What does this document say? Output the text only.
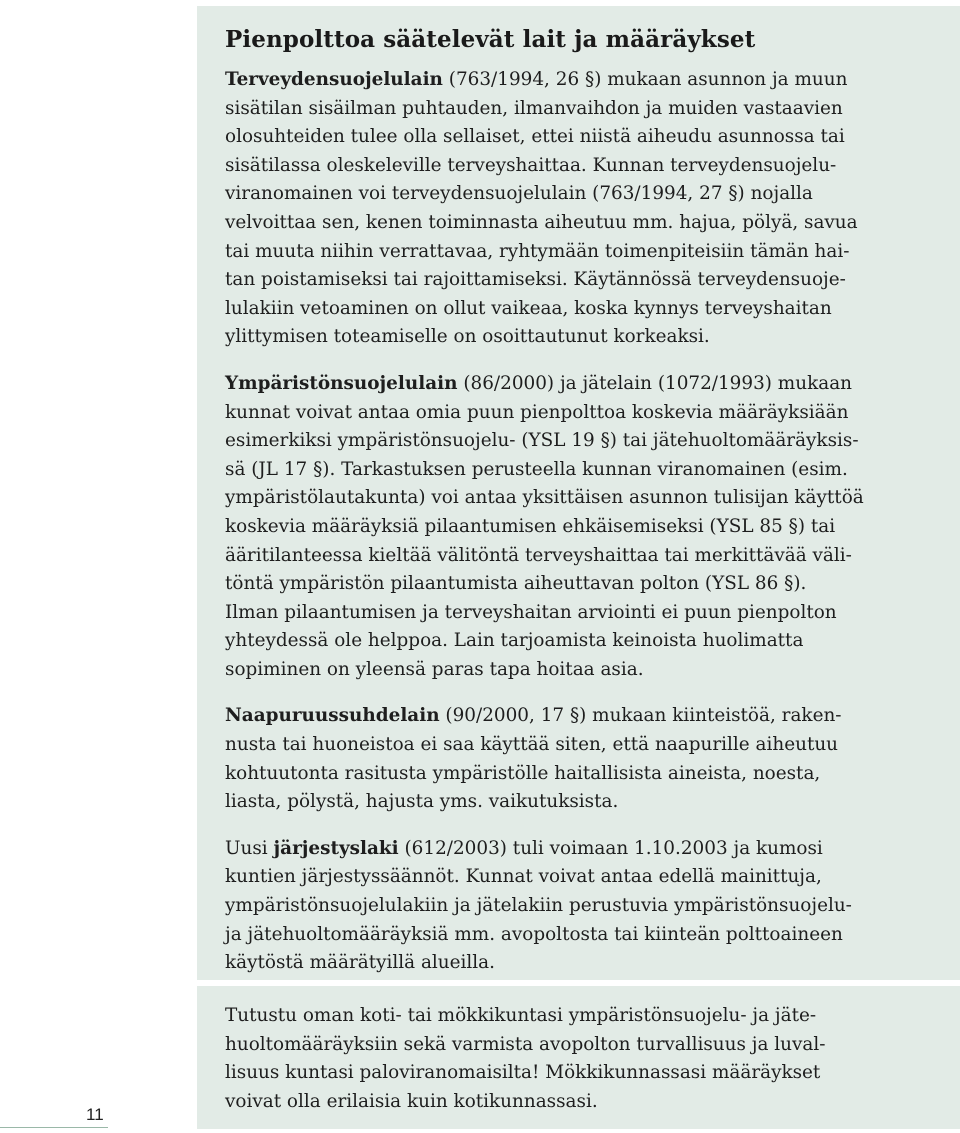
Pienpolttoa säätelevät lait ja määräykset

Terveydensuojelulain (763/1994, 26 §) mukaan asunnon ja muun
sisätilan sisäilman puhtauden, ilmanvaihdon ja muiden vastaavien
olosuhteiden tulee olla sellaiset, ettei niistä aiheudu asunnossa tai
sisätilassa oleskeleville terveyshaittaa. Kunnan terveydensuojelu-
viranomainen voi terveydensuojelulain (763/1994, 27 §) nojalla
velvoittaa sen, kenen toiminnasta aiheutuu mm. hajua, pölyä, savua
tai muuta niihin verrattavaa, ryhtymään toimenpiteisiin tämän hai-
tan poistamiseksi tai rajoittamiseksi. Käytännössä terveydensuoje-
lulakiin vetoaminen on ollut vaikeaa, koska kynnys terveyshaitan
ylittymisen toteamiselle on osoittautunut korkeaksi.

Ympäristönsuojelulain (86/2000) ja jätelain (1072/1993) mukaan
kunnat voivat antaa omia puun pienpolttoa koskevia määräyksiään
esimerkiksi ympäristönsuojelu- (YSL 19 §) tai jätehuoltomääräyksis-
sä (JL 17 §). Tarkastuksen perusteella kunnan viranomainen (esim.
ympäristölautakunta) voi antaa yksittäisen asunnon tulisijan käyttöä
koskevia määräyksiä pilaantumisen ehkäisemiseksi (YSL 85 §) tai
ääritilanteessa kieltää välitöntä terveyshaittaa tai merkittävää väli-
töntä ympäristön pilaantumista aiheuttavan polton (YSL 86 §).
Ilman pilaantumisen ja terveyshaitan arviointi ei puun pienpolton
yhteydessä ole helppoa. Lain tarjoamista keinoista huolimatta
sopiminen on yleensä paras tapa hoitaa asia.

Naapuruussuhdelain (90/2000, 17 §) mukaan kiinteistöä, raken-
nusta tai huoneistoa ei saa käyttää siten, että naapurille aiheutuu
kohtuutonta rasitusta ympäristölle haitallisista aineista, noesta,
liasta, pölystä, hajusta yms. vaikutuksista.

Uusi järjestyslaki (612/2003) tuli voimaan 1.10.2003 ja kumosi
kuntien järjestyssäännöt. Kunnat voivat antaa edellä mainittuja,
ympäristönsuojelulakiin ja jätelakiin perustuvia ympäristönsuojelu-
ja jätehuoltomääräyksiä mm. avopoltosta tai kiinteän polttoaineen
käytöstä määrätyillä alueilla.

Tutustu oman koti- tai mökkikuntasi ympäristönsuojelu- ja jäte-
huoltomääräyksiin sekä varmista avopolton turvallisuus ja luval-
lisuus kuntasi paloviranomaisilta! Mökkikunnassasi määräykset
voivat olla erilaisia kuin kotikunnassasi.

11
